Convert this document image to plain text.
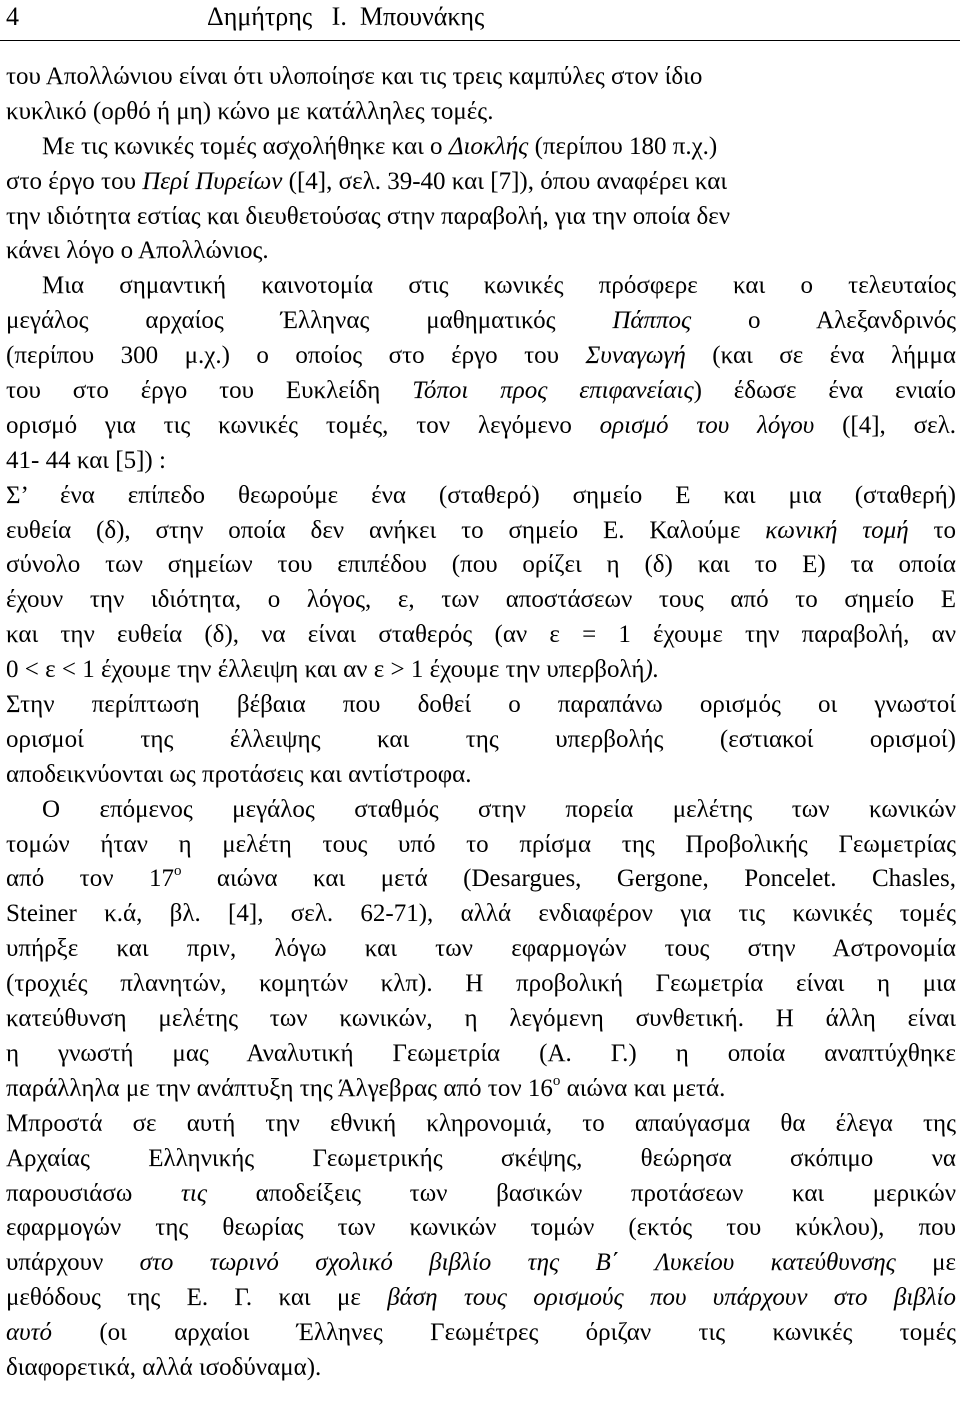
4	Δημήτρης   Ι.  Μπουνάκης
του Απολλώνιου είναι ότι υλοποίησε και τις τρεις καμπύλες στον ίδιο
κυκλικό (ορθό ή μη) κώνο με κατάλληλες τομές.
Με τις κωνικές τομές ασχολήθηκε και ο Διοκλής (περίπου 180 π.χ.)
στο έργο του Περί Πυρείων ([4], σελ. 39-40 και [7]), όπου αναφέρει και
την ιδιότητα εστίας και διευθετούσας στην παραβολή, για την οποία δεν
κάνει λόγο ο Απολλώνιος.
Μια σημαντική καινοτομία στις κωνικές πρόσφερε και ο τελευταίος
μεγάλος αρχαίος Έλληνας μαθηματικός Πάππος ο Αλεξανδρινός
(περίπου 300 μ.χ.) ο οποίος στο έργο του Συναγωγή (και σε ένα λήμμα
του στο έργο του Ευκλείδη Τόποι προς επιφανείαις) έδωσε ένα ενιαίο
ορισμό για τις κωνικές τομές, τον λεγόμενο ορισμό του λόγου ([4], σελ.
41- 44 και [5]) :
Σ’ ένα επίπεδο θεωρούμε ένα (σταθερό) σημείο Ε και μια (σταθερή)
ευθεία (δ), στην οποία δεν ανήκει το σημείο Ε. Καλούμε κωνική τομή το
σύνολο των σημείων του επιπέδου (που ορίζει η (δ) και το Ε) τα οποία
έχουν την ιδιότητα, ο λόγος, ε, των αποστάσεων τους από το σημείο Ε
και την ευθεία (δ), να είναι σταθερός (αν ε = 1 έχουμε την παραβολή, αν
0 < ε < 1 έχουμε την έλλειψη και αν ε > 1 έχουμε την υπερβολή).
Στην περίπτωση βέβαια που δοθεί ο παραπάνω ορισμός οι γνωστοί
ορισμοί της έλλειψης και της υπερβολής (εστιακοί ορισμοί)
αποδεικνύονται ως προτάσεις και αντίστροφα.
Ο επόμενος μεγάλος σταθμός στην πορεία μελέτης των κωνικών
τομών ήταν η μελέτη τους υπό το πρίσμα της Προβολικής Γεωμετρίας
από τον $17^o$ αιώνα και μετά (Desargues, Gergone, Poncelet. Chasles,
Steiner κ.ά, βλ. [4], σελ. 62-71), αλλά ενδιαφέρον για τις κωνικές τομές
υπήρξε και πριν, λόγω και των εφαρμογών τους στην Αστρονομία
(τροχιές πλανητών, κομητών κλπ). Η προβολική Γεωμετρία είναι η μια
κατεύθυνση μελέτης των κωνικών, η λεγόμενη συνθετική. Η άλλη είναι
η γνωστή μας Αναλυτική Γεωμετρία (Α. Γ.) η οποία αναπτύχθηκε
παράλληλα με την ανάπτυξη της Άλγεβρας από τον $16^o$ αιώνα και μετά.
Μπροστά σε αυτή την εθνική κληρονομιά, το απαύγασμα θα έλεγα της
Αρχαίας Ελληνικής Γεωμετρικής σκέψης, θεώρησα σκόπιμο να
παρουσιάσω τις αποδείξεις των βασικών προτάσεων και μερικών
εφαρμογών της θεωρίας των κωνικών τομών (εκτός του κύκλου), που
υπάρχουν στο τωρινό σχολικό βιβλίο της Β΄ Λυκείου κατεύθυνσης με
μεθόδους της Ε. Γ. και με βάση τους ορισμούς που υπάρχουν στο βιβλίο
αυτό (οι αρχαίοι Έλληνες Γεωμέτρες όριζαν τις κωνικές τομές
διαφορετικά, αλλά ισοδύναμα).
